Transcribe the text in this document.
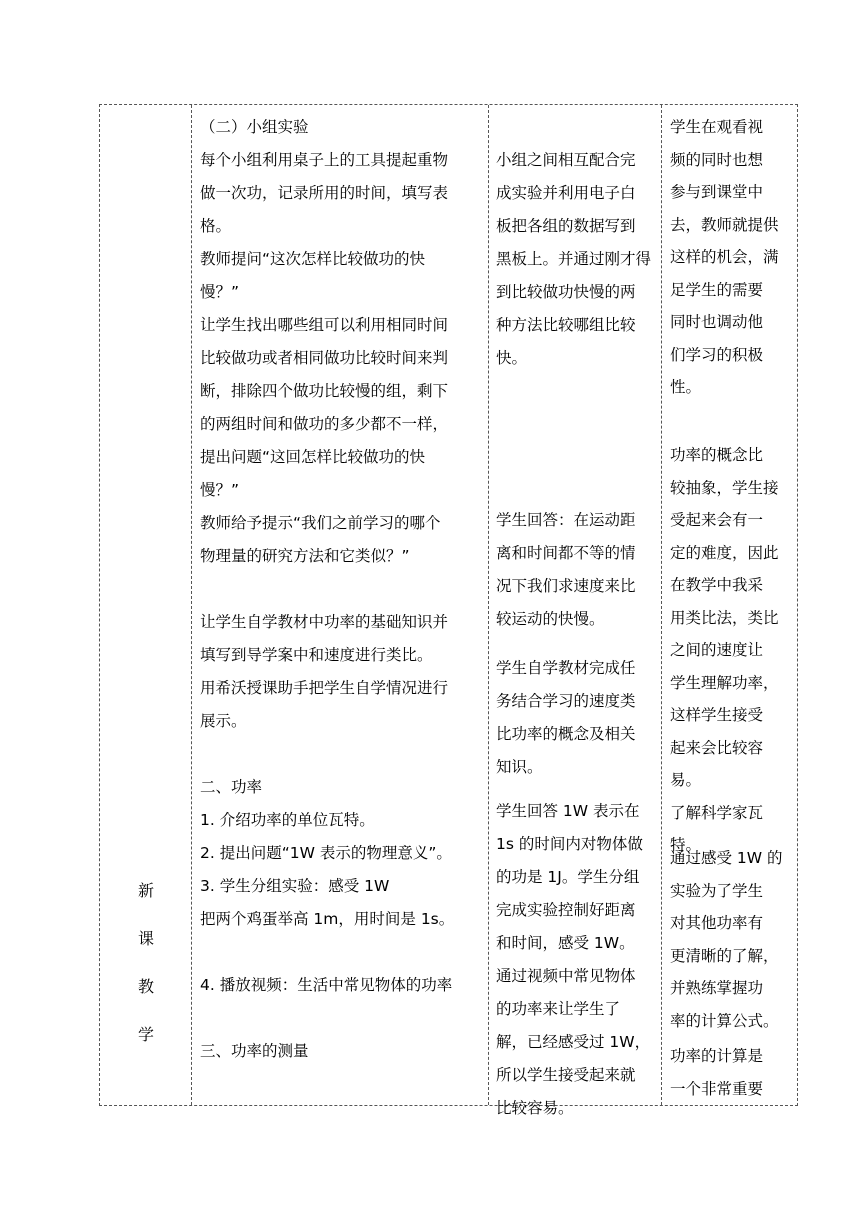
新
课
教
学

（二）小组实验

每个小组利用桌子上的工具提起重物

做一次功，记录所用的时间，填写表

格。

教师提问“这次怎样比较做功的快

慢？”

让学生找出哪些组可以利用相同时间

比较做功或者相同做功比较时间来判

断，排除四个做功比较慢的组，剩下

的两组时间和做功的多少都不一样，

提出问题“这回怎样比较做功的快

慢？”

教师给予提示“我们之前学习的哪个

物理量的研究方法和它类似？”

让学生自学教材中功率的基础知识并

填写到导学案中和速度进行类比。

用希沃授课助手把学生自学情况进行

展示。

二、功率

1. 介绍功率的单位瓦特。

2. 提出问题“1W 表示的物理意义”。

3. 学生分组实验：感受 1W

把两个鸡蛋举高 1m，用时间是 1s。

4. 播放视频：生活中常见物体的功率

三、功率的测量

小组之间相互配合完

成实验并利用电子白

板把各组的数据写到

黑板上。并通过刚才得

到比较做功快慢的两

种方法比较哪组比较

快。

学生回答：在运动距

离和时间都不等的情

况下我们求速度来比

较运动的快慢。

学生自学教材完成任

务结合学习的速度类

比功率的概念及相关

知识。

学生回答 1W 表示在

1s 的时间内对物体做

的功是 1J。学生分组

完成实验控制好距离

和时间，感受 1W。

通过视频中常见物体

的功率来让学生了

解，已经感受过 1W，

所以学生接受起来就

比较容易。

学生在观看视

频的同时也想

参与到课堂中

去，教师就提供

这样的机会，满

足学生的需要

同时也调动他

们学习的积极

性。

功率的概念比

较抽象，学生接

受起来会有一

定的难度，因此

在教学中我采

用类比法，类比

之间的速度让

学生理解功率，

这样学生接受

起来会比较容

易。

了解科学家瓦

特。

通过感受 1W 的

实验为了学生

对其他功率有

更清晰的了解，

并熟练掌握功

率的计算公式。

功率的计算是

一个非常重要
